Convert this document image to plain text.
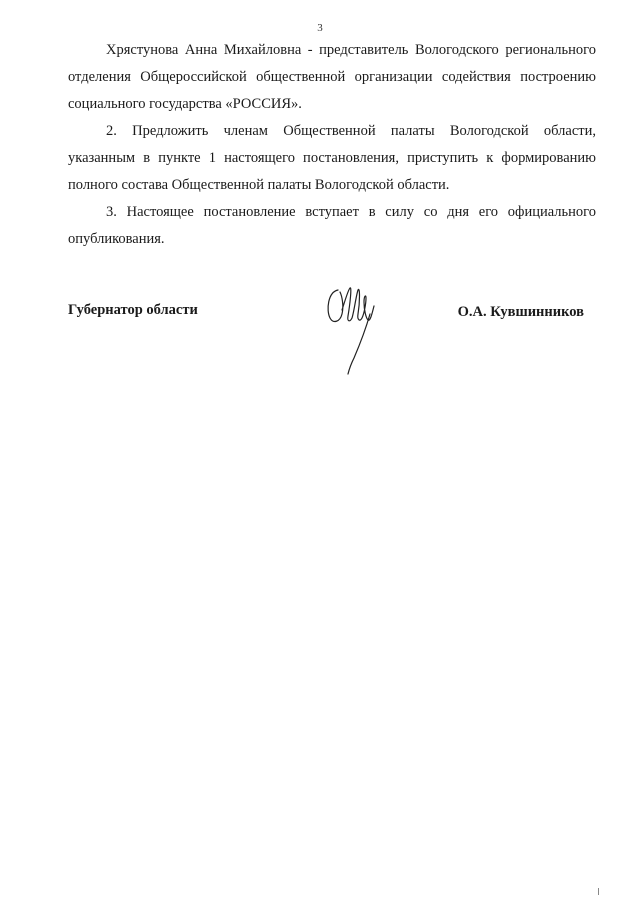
3

Хрястунова Анна Михайловна - представитель Вологодского регионального отделения Общероссийской общественной организации содействия построению социального государства «РОССИЯ».

2. Предложить членам Общественной палаты Вологодской области, указанным в пункте 1 настоящего постановления, приступить к формированию полного состава Общественной палаты Вологодской области.

3. Настоящее постановление вступает в силу со дня его официального опубликования.

Губернатор области	О.А. Кувшинников
